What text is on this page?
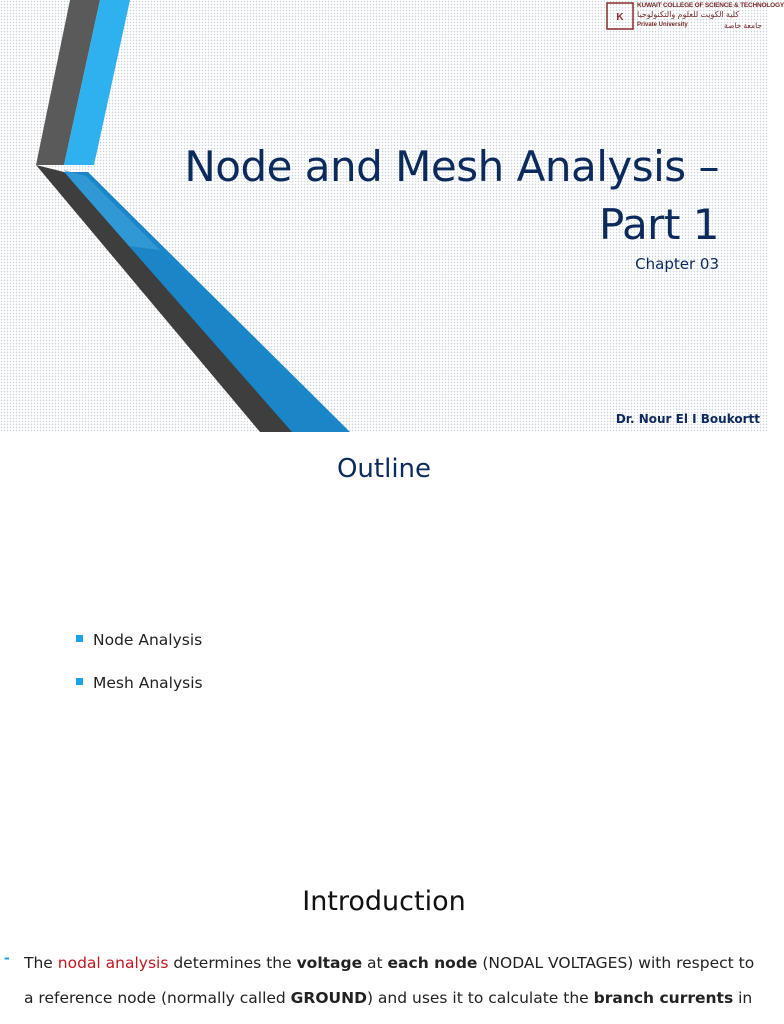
K
KUWAIT COLLEGE OF SCIENCE & TECHNOLOGY
كلية الكويت للعلوم والتكنولوجيا
Private University	جامعة خاصة
Node and Mesh Analysis – Part 1
Chapter 03
Dr. Nour El I Boukortt
Outline
Node Analysis
Mesh Analysis
Introduction
- The nodal analysis determines the voltage at each node (NODAL VOLTAGES) with respect to a reference node (normally called GROUND) and uses it to calculate the branch currents in
